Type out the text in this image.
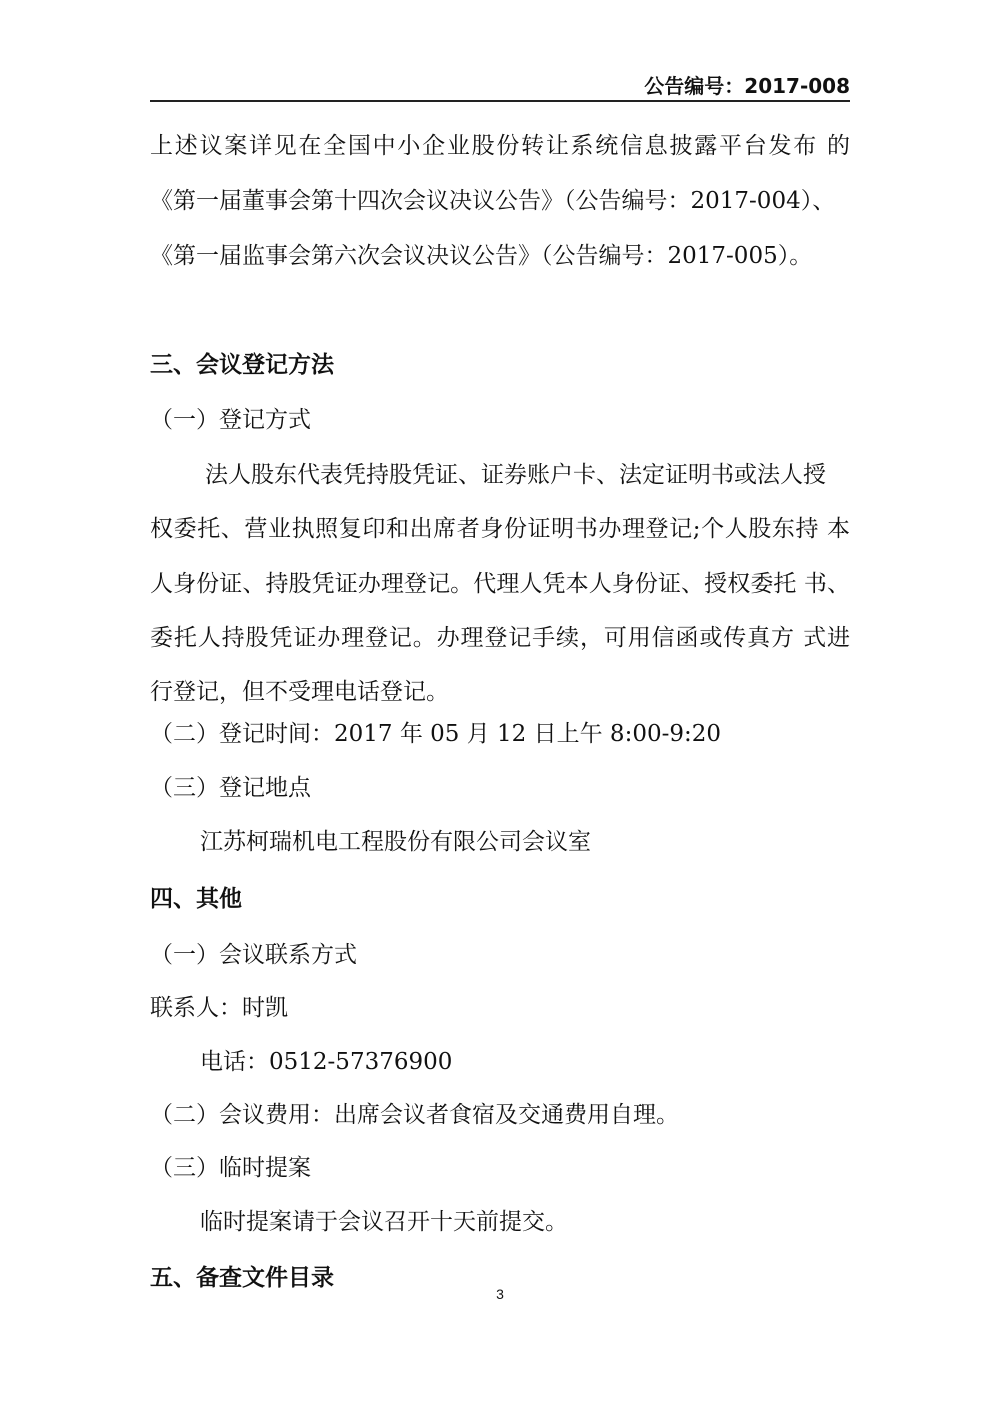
公告编号：2017-008
上述议案详见在全国中小企业股份转让系统信息披露平台发布 的
《第一届董事会第十四次会议决议公告》（公告编号：2017-004）、
《第一届监事会第六次会议决议公告》（公告编号：2017-005）。
三、会议登记方法
（一）登记方式
法人股东代表凭持股凭证、证券账户卡、法定证明书或法人授
权委托、营业执照复印和出席者身份证明书办理登记;个人股东持 本
人身份证、持股凭证办理登记。代理人凭本人身份证、授权委托 书、
委托人持股凭证办理登记。办理登记手续，可用信函或传真方 式进
行登记，但不受理电话登记。
（二）登记时间：2017 年 05 月 12 日上午 8:00-9:20
（三）登记地点
江苏柯瑞机电工程股份有限公司会议室
四、其他
（一）会议联系方式
联系人：时凯
电话：0512-57376900
（二）会议费用：出席会议者食宿及交通费用自理。
（三）临时提案
临时提案请于会议召开十天前提交。
五、备查文件目录
3
